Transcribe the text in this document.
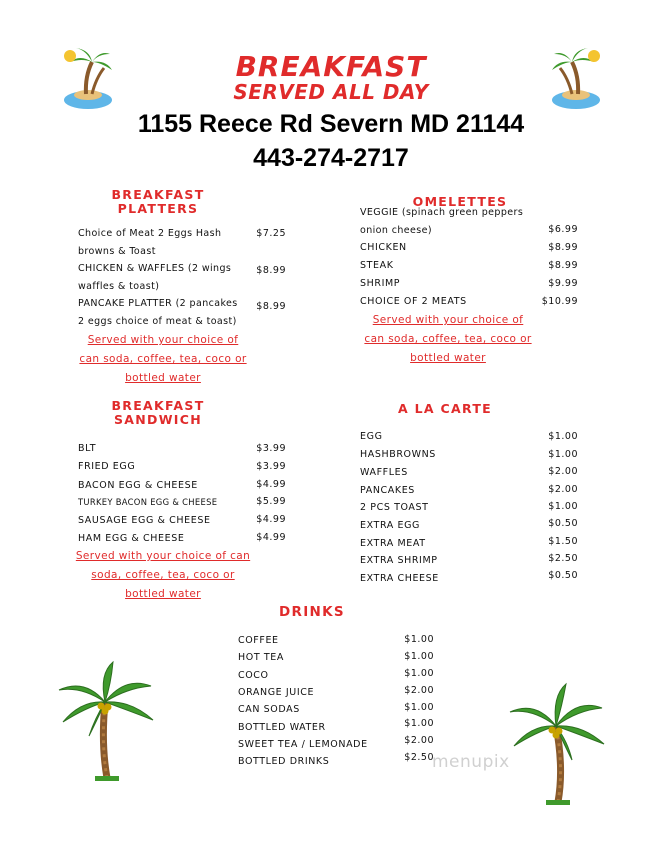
BREAKFAST
SERVED ALL DAY
1155 Reece Rd Severn MD 21144
443-274-2717
BREAKFAST
PLATTERS
Choice of Meat 2 Eggs Hash
browns & Toast
$7.25
CHICKEN & WAFFLES (2 wings
waffles & toast)
$8.99
PANCAKE PLATTER (2 pancakes
2 eggs choice of meat & toast)
$8.99
Served with your choice of
can soda, coffee, tea, coco or
bottled water
BREAKFAST
SANDWICH
BLT	$3.99
FRIED EGG	$3.99
BACON EGG & CHEESE	$4.99
TURKEY BACON EGG & CHEESE	$5.99
SAUSAGE EGG & CHEESE	$4.99
HAM EGG & CHEESE	$4.99
Served with your choice of can
soda, coffee, tea, coco or
bottled water
OMELETTES
VEGGIE (spinach green peppers
onion cheese)	$6.99
CHICKEN	$8.99
STEAK	$8.99
SHRIMP	$9.99
CHOICE OF 2 MEATS	$10.99
Served with your choice of
can soda, coffee, tea, coco or
bottled water
A LA CARTE
EGG	$1.00
HASHBROWNS	$1.00
WAFFLES	$2.00
PANCAKES	$2.00
2 PCS TOAST	$1.00
EXTRA EGG	$0.50
EXTRA MEAT	$1.50
EXTRA SHRIMP	$2.50
EXTRA CHEESE	$0.50
DRINKS
COFFEE	$1.00
HOT TEA	$1.00
COCO	$1.00
ORANGE JUICE	$2.00
CAN SODAS	$1.00
BOTTLED WATER	$1.00
SWEET TEA / LEMONADE	$2.00
BOTTLED DRINKS	$2.50
menupix
